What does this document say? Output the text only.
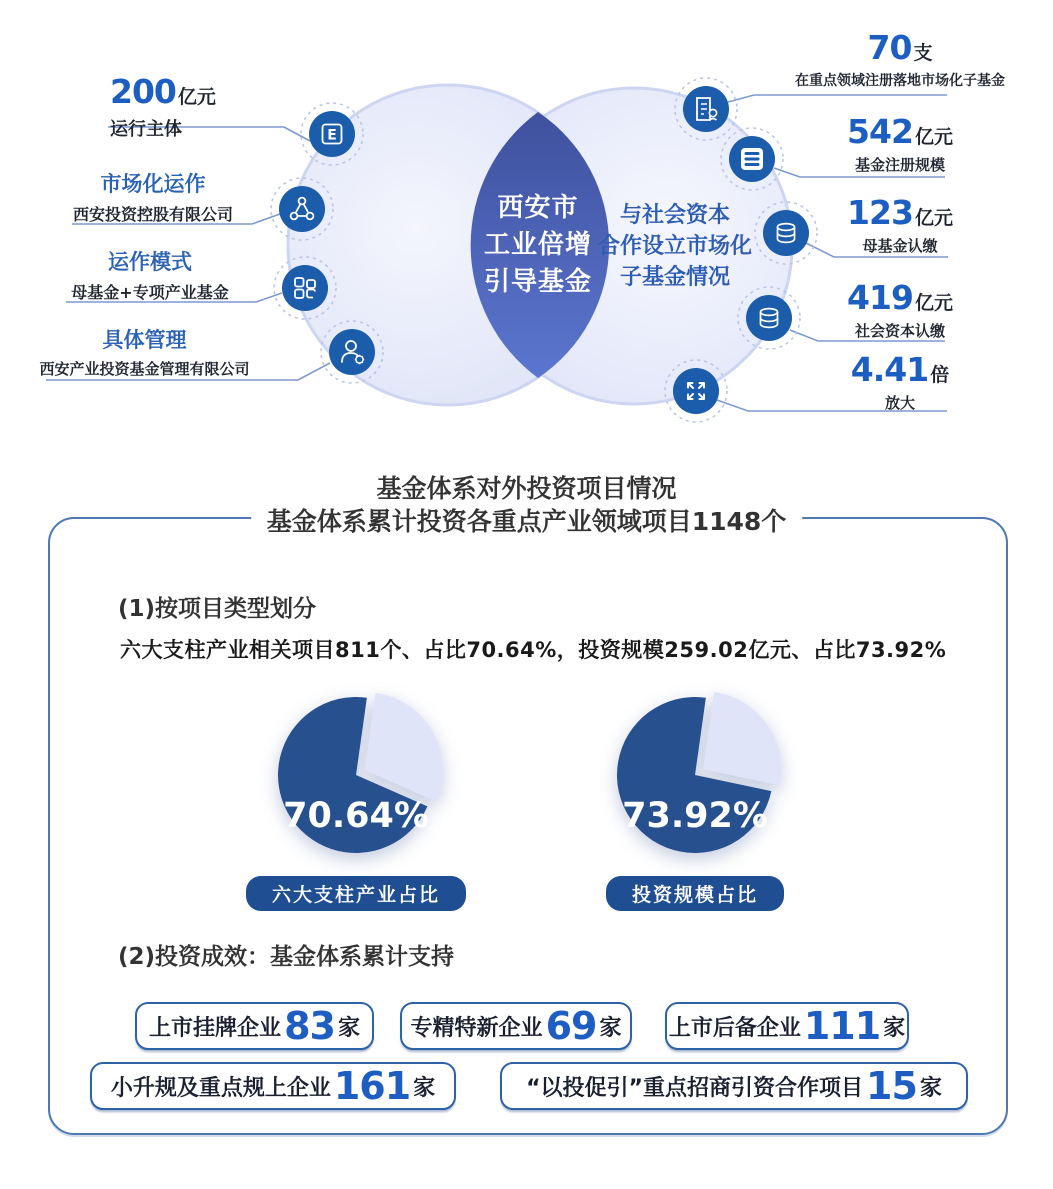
E
西安市
工业倍增
引导基金
与社会资本
合作设立市场化
子基金情况
200 亿元
运行主体
市场化运作
西安投资控股有限公司
运作模式
母基金+专项产业基金
具体管理
西安产业投资基金管理有限公司
70 支
在重点领域注册落地市场化子基金
542 亿元
基金注册规模
123 亿元
母基金认缴
419 亿元
社会资本认缴
4.41 倍
放大
基金体系对外投资项目情况
基金体系累计投资各重点产业领域项目1148个
(1)按项目类型划分
六大支柱产业相关项目811个、占比70.64%，投资规模259.02亿元、占比73.92%

70.64%
六大支柱产业占比

73.92%
投资规模占比
(2)投资成效：基金体系累计支持
上市挂牌企业 83 家 专精特新企业 69 家 上市后备企业 111 家
小升规及重点规上企业 161 家	“以投促引”重点招商引资合作项目 15 家
